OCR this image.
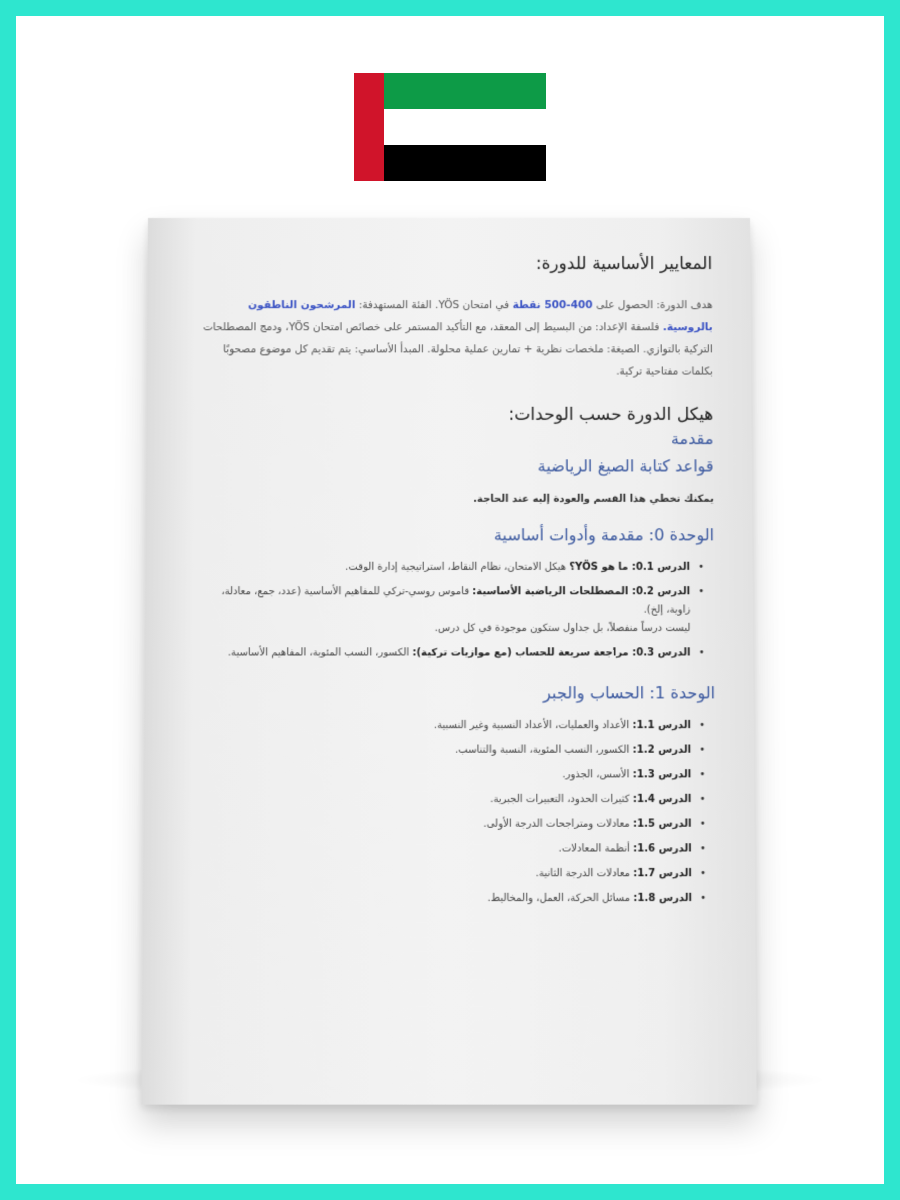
المعايير الأساسية للدورة:
هدف الدورة: الحصول على 400-500 نقطة في امتحان YÖS. الفئة المستهدفة: المرشحون الناطقون بالروسية. فلسفة الإعداد: من البسيط إلى المعقد، مع التأكيد المستمر على خصائص امتحان YÖS، ودمج المصطلحات التركية بالتوازي. الصيغة: ملخصات نظرية + تمارين عملية محلولة. المبدأ الأساسي: يتم تقديم كل موضوع مصحوبًا بكلمات مفتاحية تركية.
هيكل الدورة حسب الوحدات:
مقدمة
قواعد كتابة الصيغ الرياضية
يمكنك تخطي هذا القسم والعودة إليه عند الحاجة.
الوحدة 0: مقدمة وأدوات أساسية
• الدرس 0.1: ما هو YÖS؟ هيكل الامتحان، نظام النقاط، استراتيجية إدارة الوقت.
• الدرس 0.2: المصطلحات الرياضية الأساسية: قاموس روسي-تركي للمفاهيم الأساسية (عدد، جمع، معادلة، زاوية، إلخ).
ليست درساً منفصلاً، بل جداول ستكون موجودة في كل درس.
• الدرس 0.3: مراجعة سريعة للحساب (مع موازيات تركية): الكسور، النسب المئوية، المفاهيم الأساسية.
الوحدة 1: الحساب والجبر
• الدرس 1.1: الأعداد والعمليات، الأعداد النسبية وغير النسبية.
• الدرس 1.2: الكسور، النسب المئوية، النسبة والتناسب.
• الدرس 1.3: الأسس، الجذور.
• الدرس 1.4: كثيرات الحدود، التعبيرات الجبرية.
• الدرس 1.5: معادلات ومتراجحات الدرجة الأولى.
• الدرس 1.6: أنظمة المعادلات.
• الدرس 1.7: معادلات الدرجة الثانية.
• الدرس 1.8: مسائل الحركة، العمل، والمخاليط.
